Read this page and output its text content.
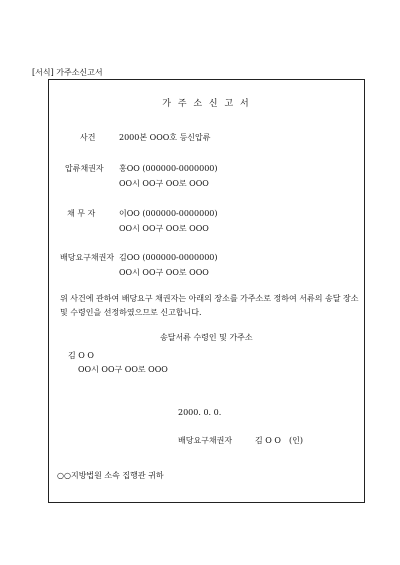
[서식] 가주소신고서
가 주 소 신 고 서
사건	2000본 OOO호 등신압류
압류채권자 홍OO (000000-0000000)
OO시 OO구 OO로 OOO
채 무 자	이OO (000000-0000000)
OO시 OO구 OO로 OOO
배당요구채권자 김OO (000000-0000000)
OO시 OO구 OO로 OOO
위 사건에 관하여 배당요구 채권자는 아래의 장소를 가주소로 정하여 서류의 송달 장소 및 수령인을 선정하였으므로 신고합니다.
송달서류 수령인 및 가주소
김 O O
OO시 OO구 OO로 OOO
2000. 0. 0.
배당요구채권자	김 O O (인)
○○지방법원 소속 집행관 귀하
